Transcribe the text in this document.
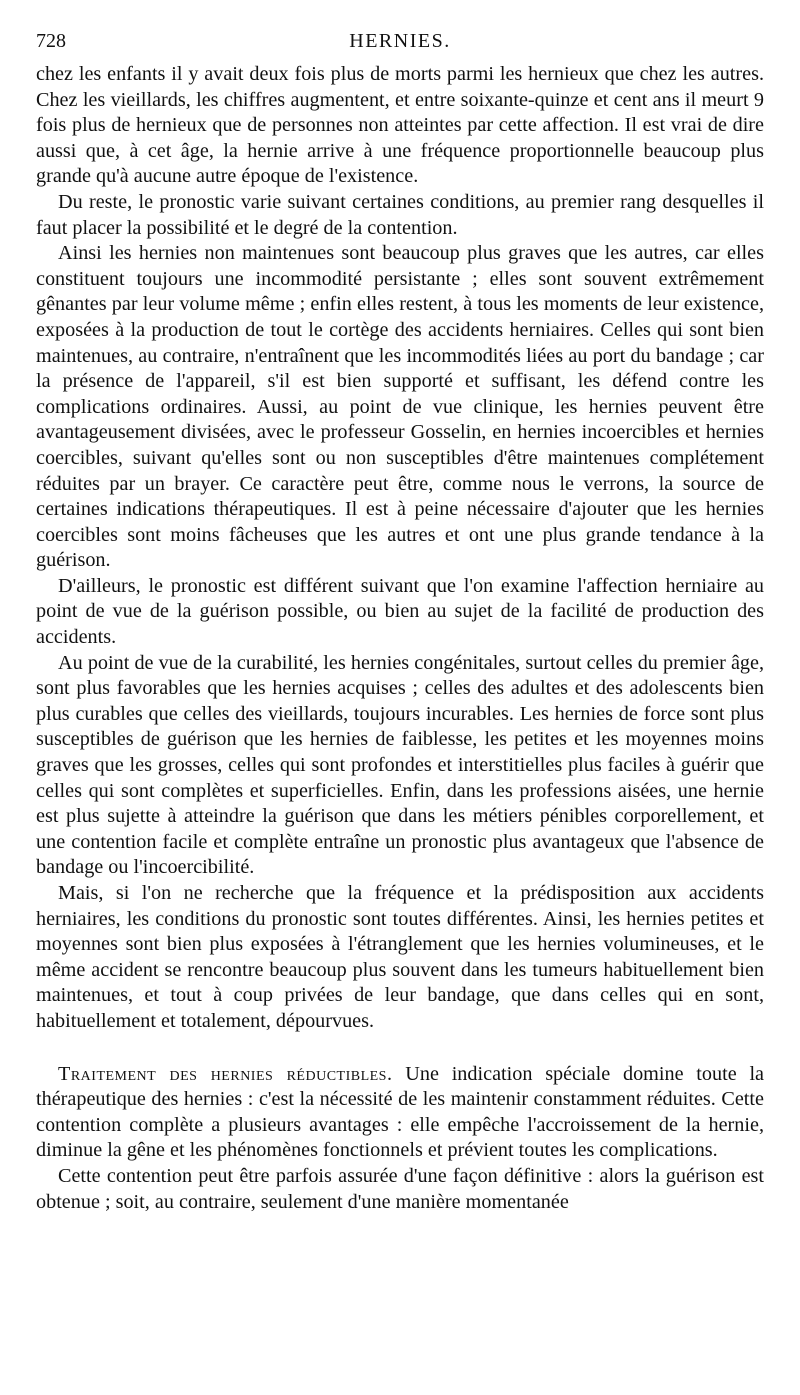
728	HERNIES.

chez les enfants il y avait deux fois plus de morts parmi les hernieux que chez les autres. Chez les vieillards, les chiffres augmentent, et entre soixante-quinze et cent ans il meurt 9 fois plus de hernieux que de personnes non atteintes par cette affection. Il est vrai de dire aussi que, à cet âge, la hernie arrive à une fréquence proportionnelle beaucoup plus grande qu'à aucune autre époque de l'existence.

Du reste, le pronostic varie suivant certaines conditions, au premier rang desquelles il faut placer la possibilité et le degré de la contention.

Ainsi les hernies non maintenues sont beaucoup plus graves que les autres, car elles constituent toujours une incommodité persistante ; elles sont souvent extrêmement gênantes par leur volume même ; enfin elles restent, à tous les moments de leur existence, exposées à la production de tout le cortège des accidents herniaires. Celles qui sont bien maintenues, au contraire, n'entraînent que les incommodités liées au port du bandage ; car la présence de l'appareil, s'il est bien supporté et suffisant, les défend contre les complications ordinaires. Aussi, au point de vue clinique, les hernies peuvent être avantageusement divisées, avec le professeur Gosselin, en hernies incoercibles et hernies coercibles, suivant qu'elles sont ou non susceptibles d'être maintenues complétement réduites par un brayer. Ce caractère peut être, comme nous le verrons, la source de certaines indications thérapeutiques. Il est à peine nécessaire d'ajouter que les hernies coercibles sont moins fâcheuses que les autres et ont une plus grande tendance à la guérison.

D'ailleurs, le pronostic est différent suivant que l'on examine l'affection herniaire au point de vue de la guérison possible, ou bien au sujet de la facilité de production des accidents.

Au point de vue de la curabilité, les hernies congénitales, surtout celles du premier âge, sont plus favorables que les hernies acquises ; celles des adultes et des adolescents bien plus curables que celles des vieillards, toujours incurables. Les hernies de force sont plus susceptibles de guérison que les hernies de faiblesse, les petites et les moyennes moins graves que les grosses, celles qui sont profondes et interstitielles plus faciles à guérir que celles qui sont complètes et superficielles. Enfin, dans les professions aisées, une hernie est plus sujette à atteindre la guérison que dans les métiers pénibles corporellement, et une contention facile et complète entraîne un pronostic plus avantageux que l'absence de bandage ou l'incoercibilité.

Mais, si l'on ne recherche que la fréquence et la prédisposition aux accidents herniaires, les conditions du pronostic sont toutes différentes. Ainsi, les hernies petites et moyennes sont bien plus exposées à l'étranglement que les hernies volumineuses, et le même accident se rencontre beaucoup plus souvent dans les tumeurs habituellement bien maintenues, et tout à coup privées de leur bandage, que dans celles qui en sont, habituellement et totalement, dépourvues.

Traitement des hernies réductibles. Une indication spéciale domine toute la thérapeutique des hernies : c'est la nécessité de les maintenir constamment réduites. Cette contention complète a plusieurs avantages : elle empêche l'accroissement de la hernie, diminue la gêne et les phénomènes fonctionnels et prévient toutes les complications.

Cette contention peut être parfois assurée d'une façon définitive : alors la guérison est obtenue ; soit, au contraire, seulement d'une manière momentanée
